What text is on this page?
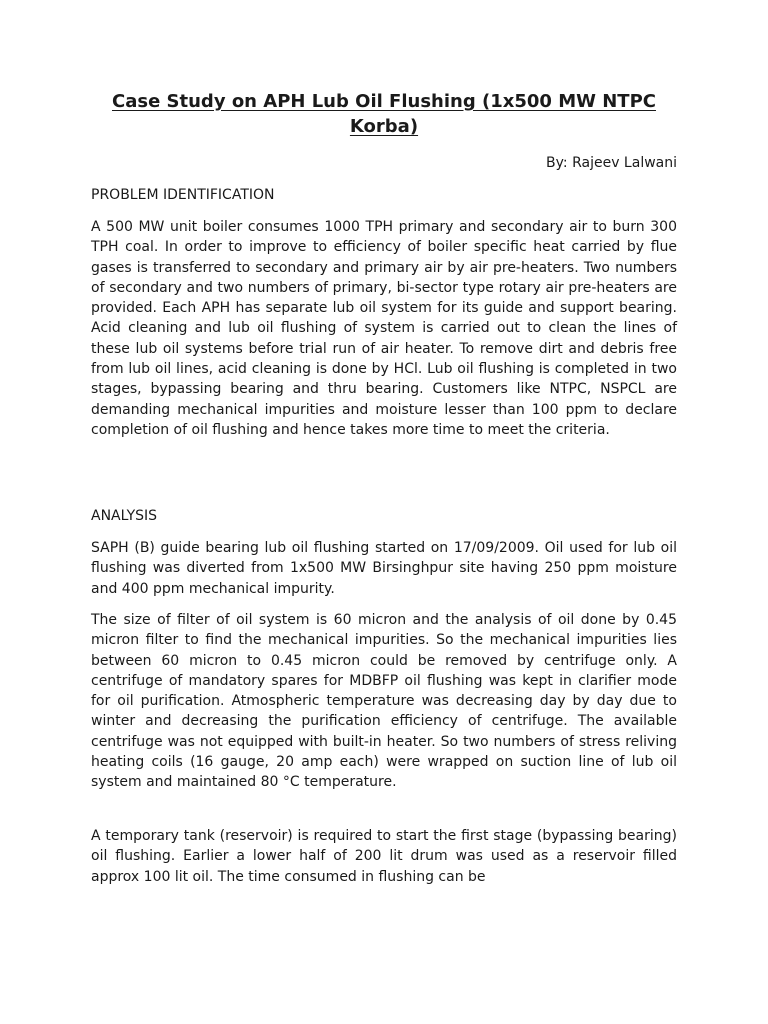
Case Study on APH Lub Oil Flushing (1x500 MW NTPC Korba)

By: Rajeev Lalwani

PROBLEM IDENTIFICATION

A 500 MW unit boiler consumes 1000 TPH primary and secondary air to burn 300 TPH coal. In order to improve to efficiency of boiler specific heat carried by flue gases is transferred to secondary and primary air by air pre-heaters. Two numbers of secondary and two numbers of primary, bi-sector type rotary air pre-heaters are provided. Each APH has separate lub oil system for its guide and support bearing. Acid cleaning and lub oil flushing of system is carried out to clean the lines of these lub oil systems before trial run of air heater. To remove dirt and debris free from lub oil lines, acid cleaning is done by HCl. Lub oil flushing is completed in two stages, bypassing bearing and thru bearing. Customers like NTPC, NSPCL are demanding mechanical impurities and moisture lesser than 100 ppm to declare completion of oil flushing and hence takes more time to meet the criteria.

ANALYSIS

SAPH (B) guide bearing lub oil flushing started on 17/09/2009. Oil used for lub oil flushing was diverted from 1x500 MW Birsinghpur site having 250 ppm moisture and 400 ppm mechanical impurity.

The size of filter of oil system is 60 micron and the analysis of oil done by 0.45 micron filter to find the mechanical impurities. So the mechanical impurities lies between 60 micron to 0.45 micron could be removed by centrifuge only. A centrifuge of mandatory spares for MDBFP oil flushing was kept in clarifier mode for oil purification. Atmospheric temperature was decreasing day by day due to winter and decreasing the purification efficiency of centrifuge. The available centrifuge was not equipped with built-in heater. So two numbers of stress reliving heating coils (16 gauge, 20 amp each) were wrapped on suction line of lub oil system and maintained 80 °C temperature.

A temporary tank (reservoir) is required to start the first stage (bypassing bearing) oil flushing. Earlier a lower half of 200 lit drum was used as a reservoir filled approx 100 lit oil. The time consumed in flushing can be
